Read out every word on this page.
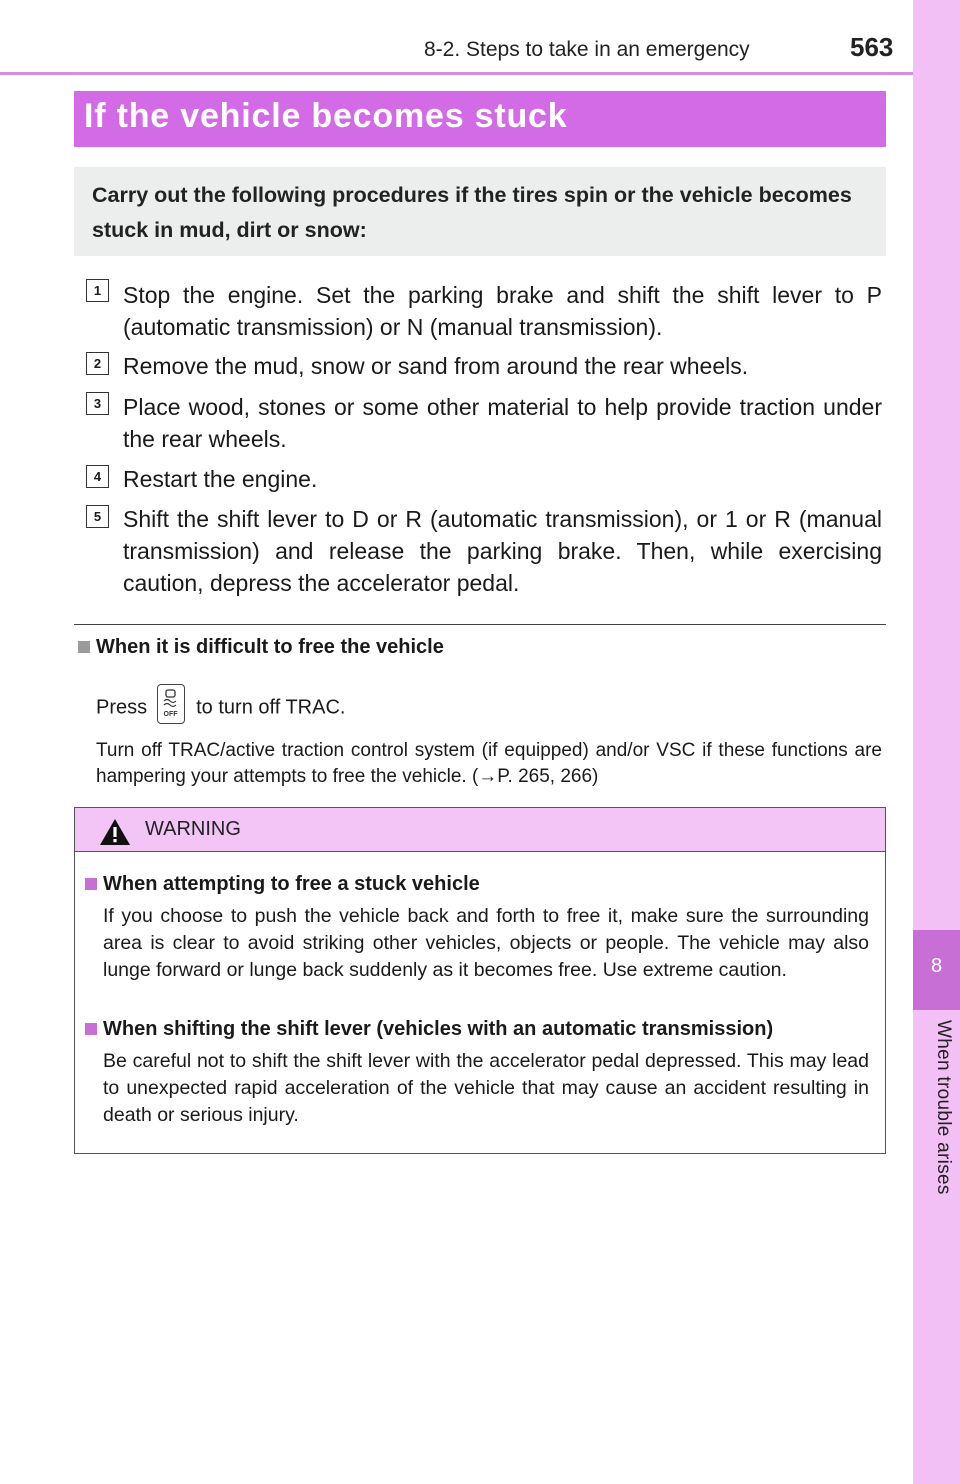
8-2. Steps to take in an emergency	563
8
When trouble arises
If the vehicle becomes stuck
Carry out the following procedures if the tires spin or the vehicle becomes stuck in mud, dirt or snow:
1 Stop the engine. Set the parking brake and shift the shift lever to P (automatic transmission) or N (manual transmission).
2 Remove the mud, snow or sand from around the rear wheels.
3 Place wood, stones or some other material to help provide traction under the rear wheels.
4 Restart the engine.
5 Shift the shift lever to D or R (automatic transmission), or 1 or R (manual transmission) and release the parking brake. Then, while exercising caution, depress the accelerator pedal.
When it is difficult to free the vehicle
Press OFF to turn off TRAC.
Turn off TRAC/active traction control system (if equipped) and/or VSC if these functions are hampering your attempts to free the vehicle. (→P. 265, 266)
WARNING
When attempting to free a stuck vehicle
If you choose to push the vehicle back and forth to free it, make sure the surrounding area is clear to avoid striking other vehicles, objects or people. The vehicle may also lunge forward or lunge back suddenly as it becomes free. Use extreme caution.
When shifting the shift lever (vehicles with an automatic transmission)
Be careful not to shift the shift lever with the accelerator pedal depressed. This may lead to unexpected rapid acceleration of the vehicle that may cause an accident resulting in death or serious injury.
